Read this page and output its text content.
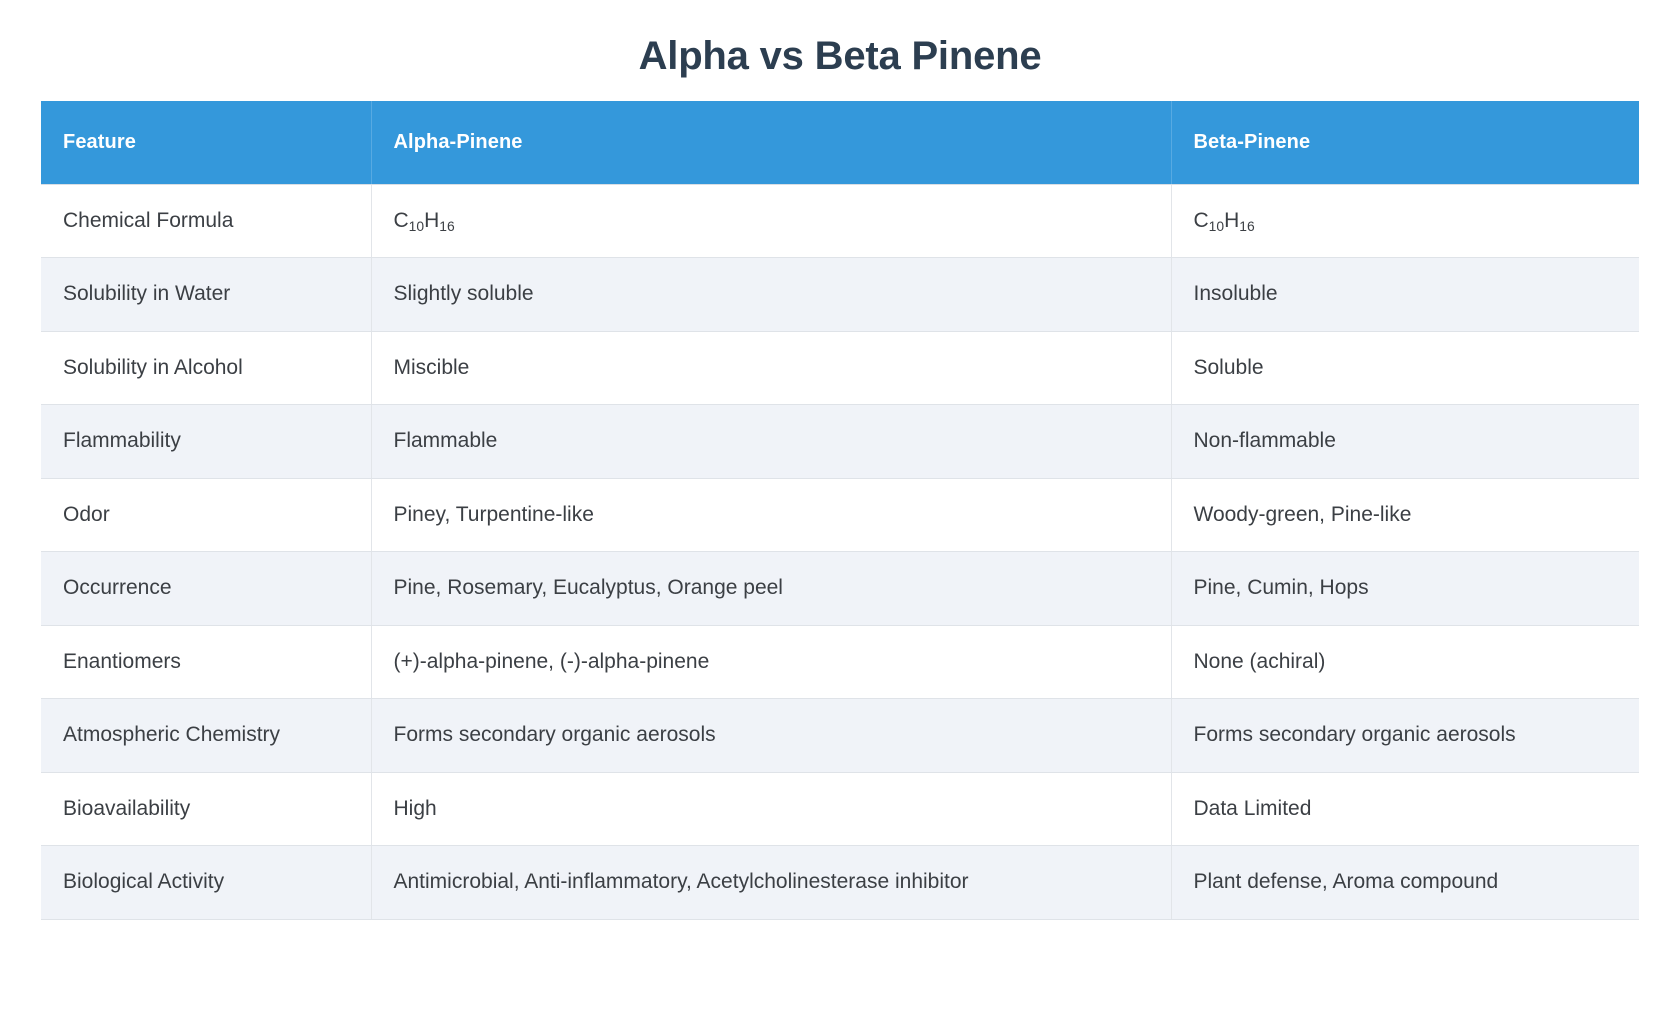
Alpha vs Beta Pinene
Feature	Alpha-Pinene	Beta-Pinene
Chemical Formula	$C_{10}H_{16}$	$C_{10}H_{16}$
Solubility in Water	Slightly soluble	Insoluble
Solubility in Alcohol	Miscible	Soluble
Flammability	Flammable	Non-flammable
Odor	Piney, Turpentine-like	Woody-green, Pine-like
Occurrence	Pine, Rosemary, Eucalyptus, Orange peel	Pine, Cumin, Hops
Enantiomers	(+)-alpha-pinene, (-)-alpha-pinene	None (achiral)
Atmospheric Chemistry	Forms secondary organic aerosols	Forms secondary organic aerosols
Bioavailability	High	Data Limited
Biological Activity	Antimicrobial, Anti-inflammatory, Acetylcholinesterase inhibitor	Plant defense, Aroma compound
